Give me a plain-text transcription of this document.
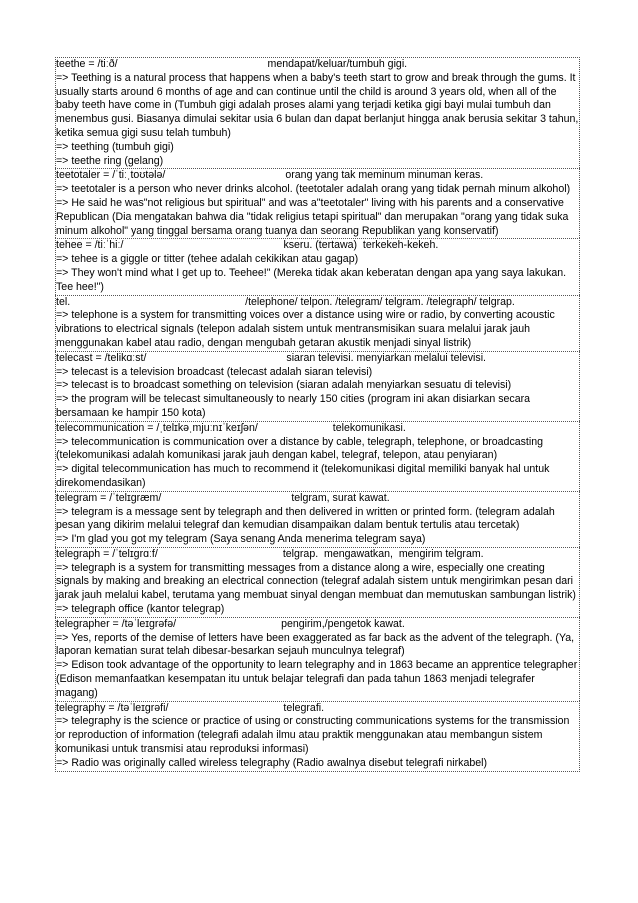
teethe = /tiːð/	mendapat/keluar/tumbuh gigi.
=> Teething is a natural process that happens when a baby's teeth start to grow and break through the gums. It usually starts around 6 months of age and can continue until the child is around 3 years old, when all of the baby teeth have come in (Tumbuh gigi adalah proses alami yang terjadi ketika gigi bayi mulai tumbuh dan menembus gusi. Biasanya dimulai sekitar usia 6 bulan dan dapat berlanjut hingga anak berusia sekitar 3 tahun, ketika semua gigi susu telah tumbuh)
=> teething (tumbuh gigi)
=> teethe ring (gelang)
teetotaler = /ˈtiːˌtoʊtələ/	orang yang tak meminum minuman keras.
=> teetotaler is a person who never drinks alcohol. (teetotaler adalah orang yang tidak pernah minum alkohol)
=> He said he was"not religious but spiritual" and was a"teetotaler" living with his parents and a conservative Republican (Dia mengatakan bahwa dia "tidak religius tetapi spiritual" dan merupakan "orang yang tidak suka minum alkohol" yang tinggal bersama orang tuanya dan seorang Republikan yang konservatif)
tehee = /tiːˈhiː/	kseru. (tertawa)  terkekeh-kekeh.
=> tehee is a giggle or titter (tehee adalah cekikikan atau gagap)
=> They won't mind what I get up to. Teehee!" (Mereka tidak akan keberatan dengan apa yang saya lakukan. Tee hee!")
tel.	/telephone/ telpon. /telegram/ telgram. /telegraph/ telgrap.
=> telephone is a system for transmitting voices over a distance using wire or radio, by converting acoustic vibrations to electrical signals (telepon adalah sistem untuk mentransmisikan suara melalui jarak jauh menggunakan kabel atau radio, dengan mengubah getaran akustik menjadi sinyal listrik)
telecast = /telikɑːst/	siaran televisi. menyiarkan melalui televisi.
=> telecast is a television broadcast (telecast adalah siaran televisi)
=> telecast is to broadcast something on television (siaran adalah menyiarkan sesuatu di televisi)
=> the program will be telecast simultaneously to nearly 150 cities (program ini akan disiarkan secara bersamaan ke hampir 150 kota)
telecommunication = /ˌtelɪkəˌmjuːnɪˈkeɪʃən/	telekomunikasi.
=> telecommunication is communication over a distance by cable, telegraph, telephone, or broadcasting (telekomunikasi adalah komunikasi jarak jauh dengan kabel, telegraf, telepon, atau penyiaran)
=> digital telecommunication has much to recommend it (telekomunikasi digital memiliki banyak hal untuk direkomendasikan)
telegram = /ˈtelɪɡræm/	telgram, surat kawat.
=> telegram is a message sent by telegraph and then delivered in written or printed form. (telegram adalah pesan yang dikirim melalui telegraf dan kemudian disampaikan dalam bentuk tertulis atau tercetak)
=> I'm glad you got my telegram (Saya senang Anda menerima telegram saya)
telegraph = /ˈtelɪɡrɑːf/	telgrap.  mengawatkan,  mengirim telgram.
=> telegraph is a system for transmitting messages from a distance along a wire, especially one creating signals by making and breaking an electrical connection (telegraf adalah sistem untuk mengirimkan pesan dari jarak jauh melalui kabel, terutama yang membuat sinyal dengan membuat dan memutuskan sambungan listrik)
=> telegraph office (kantor telegrap)
telegrapher = /təˈleɪɡrəfə/	pengirim,/pengetok kawat.
=> Yes, reports of the demise of letters have been exaggerated as far back as the advent of the telegraph. (Ya, laporan kematian surat telah dibesar-besarkan sejauh munculnya telegraf)
=> Edison took advantage of the opportunity to learn telegraphy and in 1863 became an apprentice telegrapher (Edison memanfaatkan kesempatan itu untuk belajar telegrafi dan pada tahun 1863 menjadi telegrafer magang)
telegraphy = /təˈleɪɡrəfi/	telegrafi.
=> telegraphy is the science or practice of using or constructing communications systems for the transmission or reproduction of information (telegrafi adalah ilmu atau praktik menggunakan atau membangun sistem komunikasi untuk transmisi atau reproduksi informasi)
=> Radio was originally called wireless telegraphy (Radio awalnya disebut telegrafi nirkabel)
